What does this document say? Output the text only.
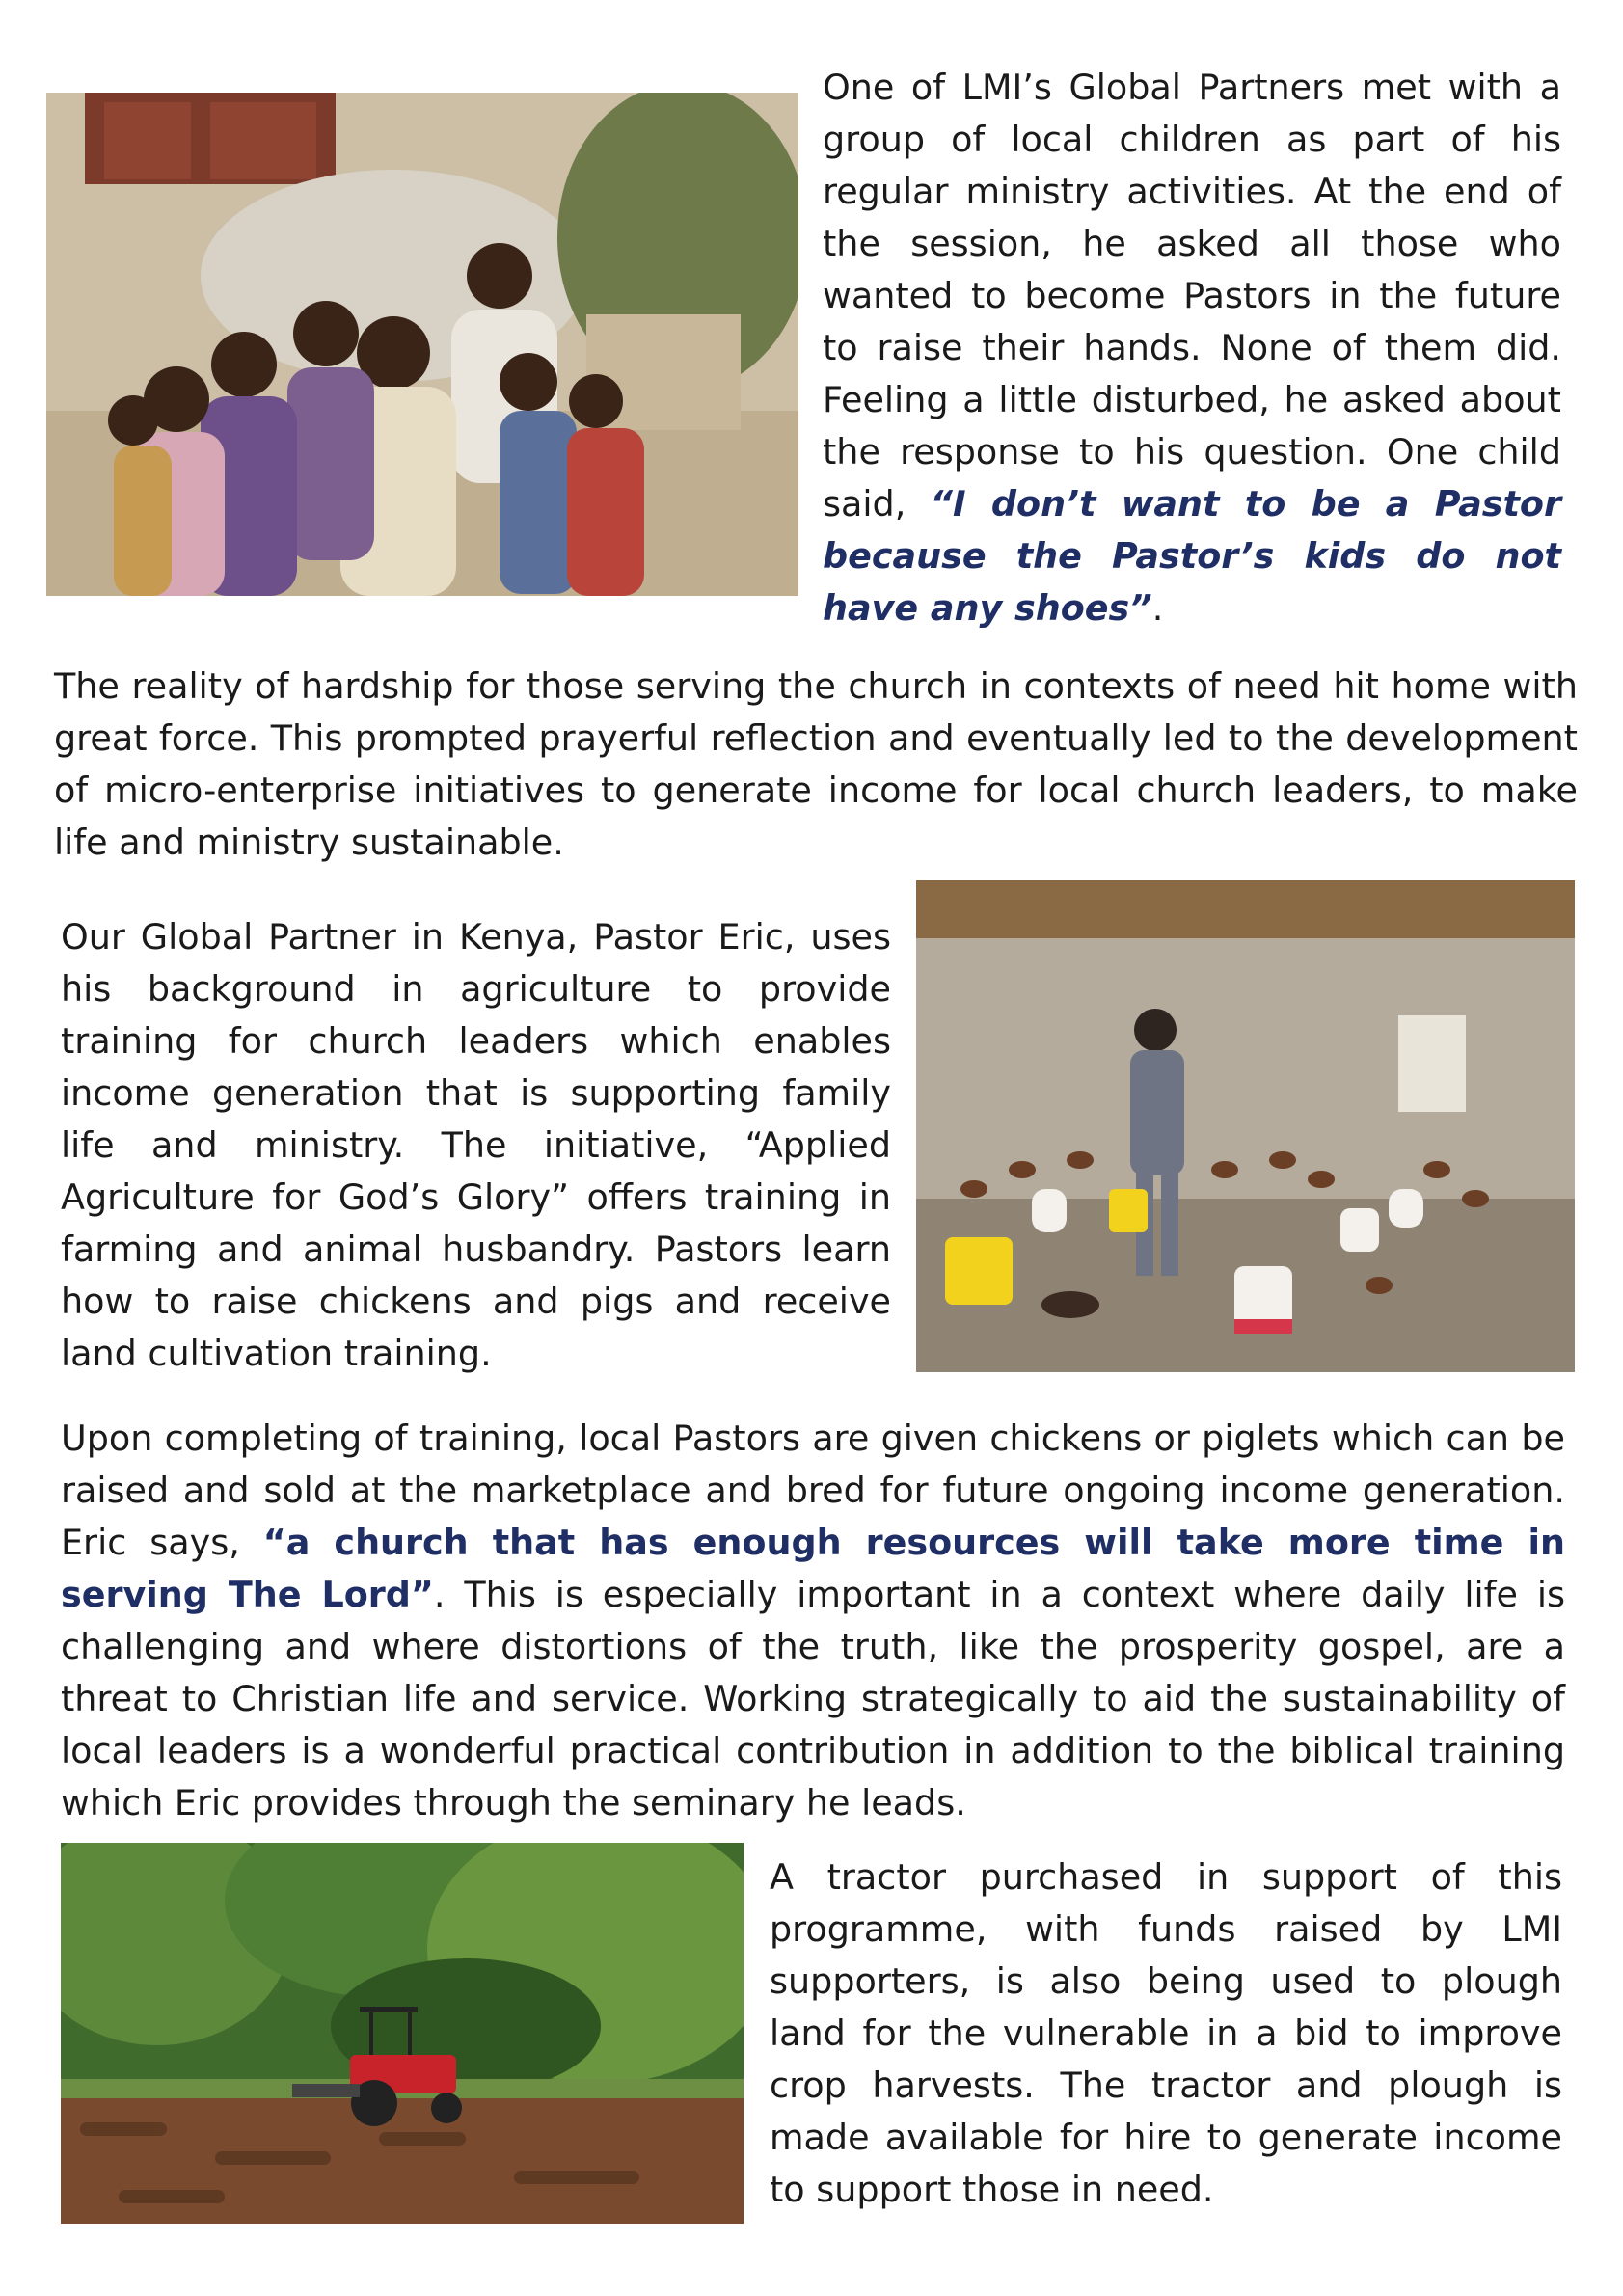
One of LMI’s Global Partners met with a group of local children as part of his regular ministry activities. At the end of the session, he asked all those who wanted to become Pastors in the future to raise their hands. None of them did. Feeling a little disturbed, he asked about the response to his question. One child said, “I don’t want to be a Pastor because the Pastor’s kids do not have any shoes”.

The reality of hardship for those serving the church in contexts of need hit home with great force. This prompted prayerful reflection and eventually led to the development of micro-enterprise initiatives to generate income for local church leaders, to make life and ministry sustainable.

Our Global Partner in Kenya, Pastor Eric, uses his background in agriculture to provide training for church leaders which enables income generation that is supporting family life and ministry. The initiative, “Applied Agriculture for God’s Glory” offers training in farming and animal husbandry. Pastors learn how to raise chickens and pigs and receive land cultivation training.

Upon completing of training, local Pastors are given chickens or piglets which can be raised and sold at the marketplace and bred for future ongoing income generation. Eric says, “a church that has enough resources will take more time in serving The Lord”. This is especially important in a context where daily life is challenging and where distortions of the truth, like the prosperity gospel, are a threat to Christian life and service. Working strategically to aid the sustainability of local leaders is a wonderful practical contribution in addition to the biblical training which Eric provides through the seminary he leads.

A tractor purchased in support of this programme, with funds raised by LMI supporters, is also being used to plough land for the vulnerable in a bid to improve crop harvests. The tractor and plough is made available for hire to generate income to support those in need.
